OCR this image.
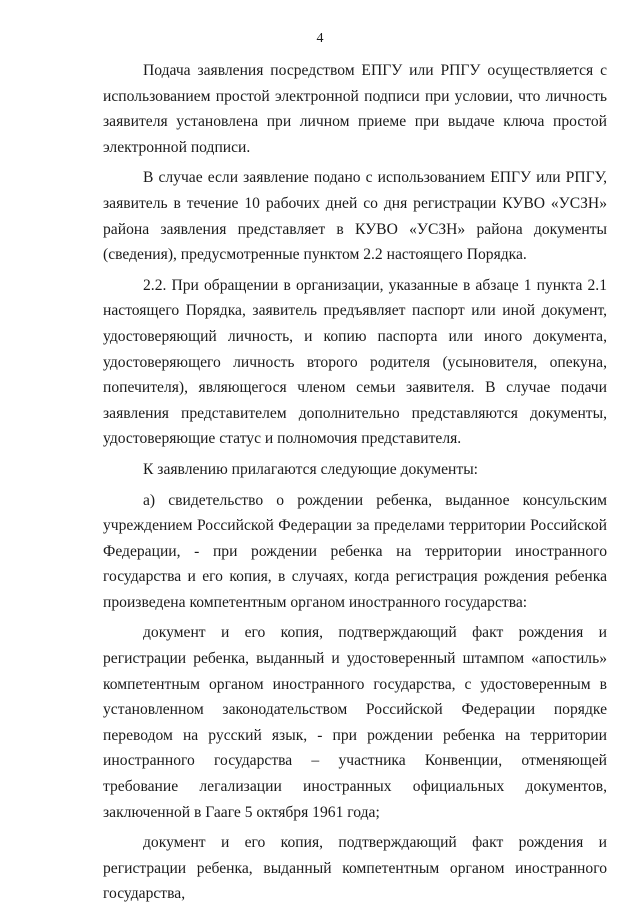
4

Подача заявления посредством ЕПГУ или РПГУ осуществляется с использованием простой электронной подписи при условии, что личность заявителя установлена при личном приеме при выдаче ключа простой электронной подписи.

В случае если заявление подано с использованием ЕПГУ или РПГУ, заявитель в течение 10 рабочих дней со дня регистрации КУВО «УСЗН» района заявления представляет в КУВО «УСЗН» района документы (сведения), предусмотренные пунктом 2.2 настоящего Порядка.

2.2. При обращении в организации, указанные в абзаце 1 пункта 2.1 настоящего Порядка, заявитель предъявляет паспорт или иной документ, удостоверяющий личность, и копию паспорта или иного документа, удостоверяющего личность второго родителя (усыновителя, опекуна, попечителя), являющегося членом семьи заявителя. В случае подачи заявления представителем дополнительно представляются документы, удостоверяющие статус и полномочия представителя.

К заявлению прилагаются следующие документы:

а) свидетельство о рождении ребенка, выданное консульским учреждением Российской Федерации за пределами территории Российской Федерации, - при рождении ребенка на территории иностранного государства и его копия, в случаях, когда регистрация рождения ребенка произведена компетентным органом иностранного государства:

документ и его копия, подтверждающий факт рождения и регистрации ребенка, выданный и удостоверенный штампом «апостиль» компетентным органом иностранного государства, с удостоверенным в установленном законодательством Российской Федерации порядке переводом на русский язык, - при рождении ребенка на территории иностранного государства – участника Конвенции, отменяющей требование легализации иностранных официальных документов, заключенной в Гааге 5 октября 1961 года;

документ и его копия, подтверждающий факт рождения и регистрации ребенка, выданный компетентным органом иностранного государства,
